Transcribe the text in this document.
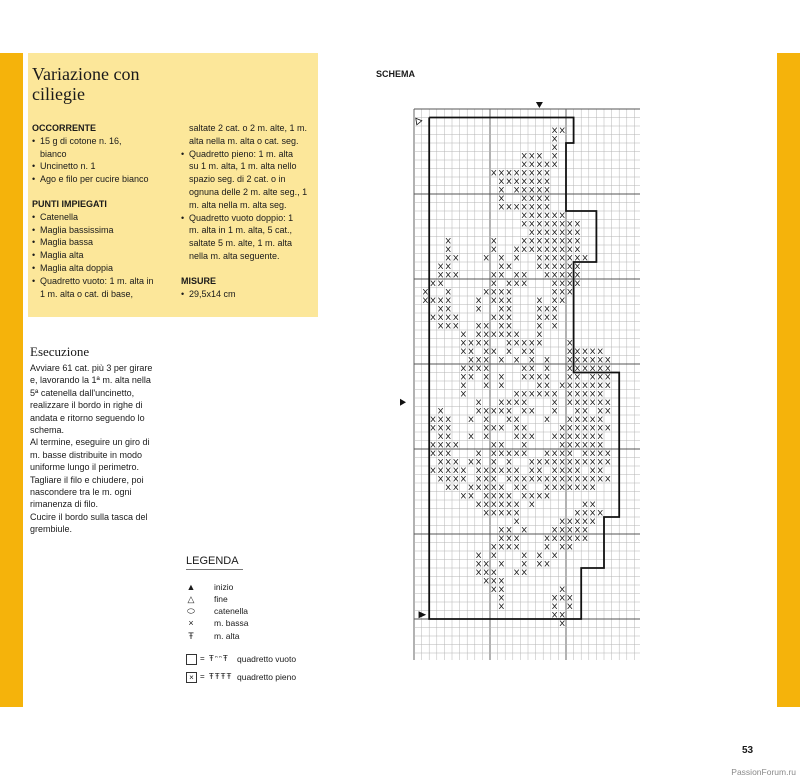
Variazione con ciliegie
OCCORRENTE
• 15 g di cotone n. 16,
bianco
• Uncinetto n. 1
• Ago e filo per cucire bianco
PUNTI IMPIEGATI
• Catenella
• Maglia bassissima
• Maglia bassa
• Maglia alta
• Maglia alta doppia
• Quadretto vuoto: 1 m. alta in
1 m. alta o cat. di base,
saltate 2 cat. o 2 m. alte, 1 m.
alta nella m. alta o cat. seg.
• Quadretto pieno: 1 m. alta
su 1 m. alta, 1 m. alta nello
spazio seg. di 2 cat. o in
ognuna delle 2 m. alte seg., 1
m. alta nella m. alta seg.
• Quadretto vuoto doppio: 1
m. alta in 1 m. alta, 5 cat.,
saltate 5 m. alte, 1 m. alta
nella m. alta seguente.
MISURE
• 29,5x14 cm
Esecuzione

Avviare 61 cat. più 3 per girare

e, lavorando la 1ª m. alta nella

5ª catenella dall'uncinetto,

realizzare il bordo in righe di

andata e ritorno seguendo lo

schema.

Al termine, eseguire un giro di

m. basse distribuite in modo

uniforme lungo il perimetro.

Tagliare il filo e chiudere, poi

nascondere tra le m. ogni

rimanenza di filo.

Cucire il bordo sulla tasca del

grembiule.

LEGENDA
▲ inizio
△ fine
⬭ catenella
× m. bassa
Ŧ m. alta
= ŦᵔᵔŦ quadretto vuoto
× = ŦŦŦŦ quadretto pieno
SCHEMA
53
PassionForum.ru
